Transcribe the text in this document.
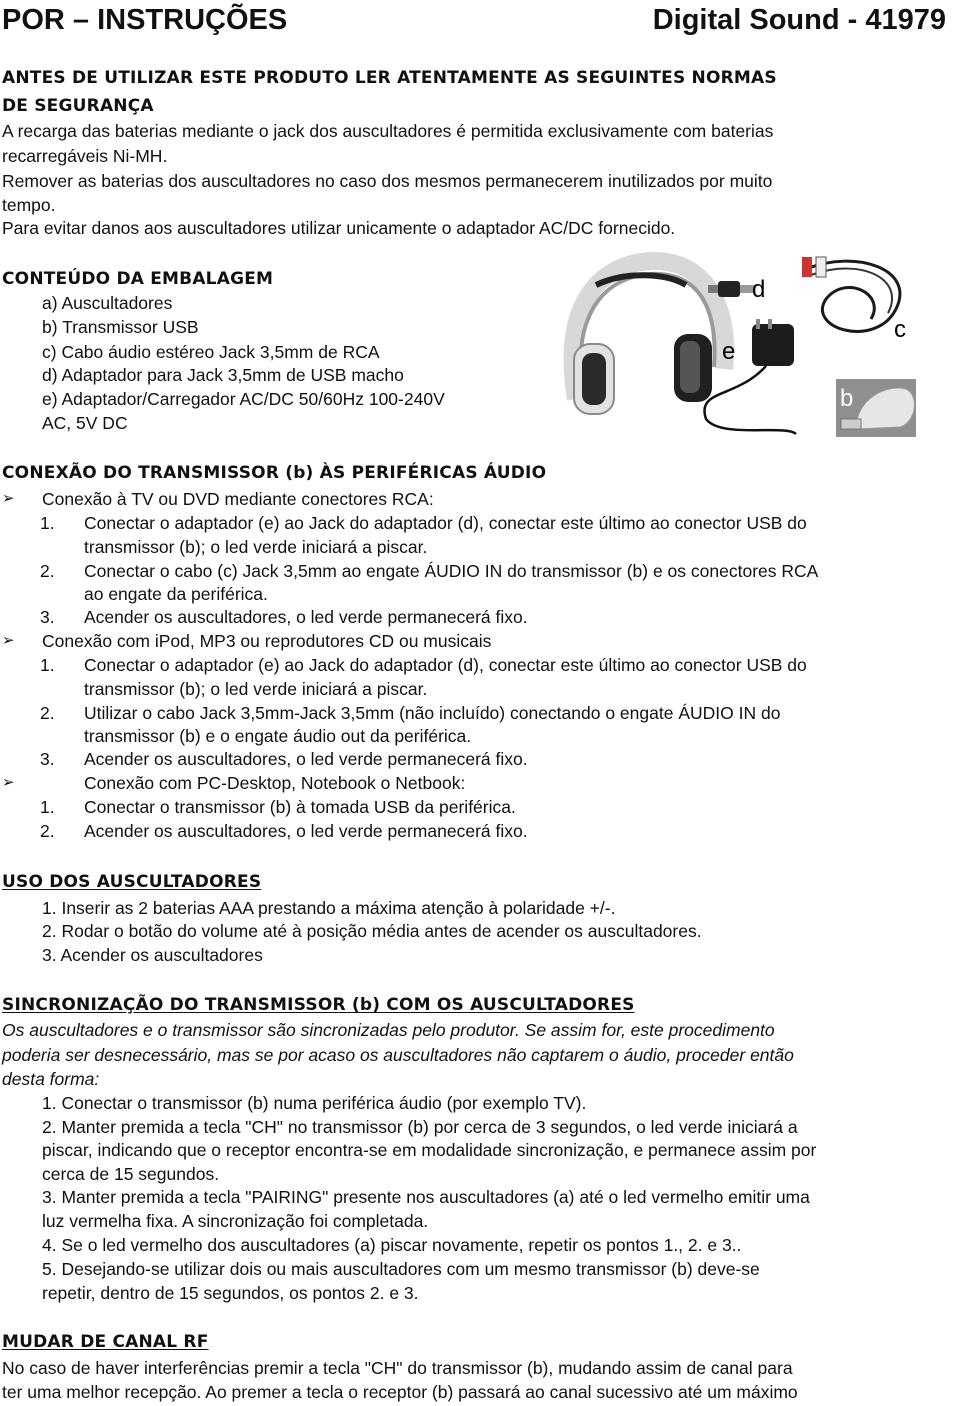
POR – INSTRUÇÕES	Digital Sound - 41979
ANTES DE UTILIZAR ESTE PRODUTO LER ATENTAMENTE AS SEGUINTES NORMAS
DE SEGURANÇA
A recarga das baterias mediante o jack dos auscultadores é permitida exclusivamente com baterias
recarregáveis Ni-MH.
Remover as baterias dos auscultadores no caso dos mesmos permanecerem inutilizados por muito
tempo.
Para evitar danos aos auscultadores utilizar unicamente o adaptador AC/DC fornecido.
CONTEÚDO DA EMBALAGEM
a) Auscultadores
b) Transmissor USB
c) Cabo áudio estéreo Jack 3,5mm de RCA
d) Adaptador para Jack 3,5mm de USB macho
e) Adaptador/Carregador AC/DC 50/60Hz 100-240V
AC, 5V DC
a
d
c
e
b
CONEXÃO DO TRANSMISSOR (b) ÀS PERIFÉRICAS ÁUDIO
➢ Conexão à TV ou DVD mediante conectores RCA:
1. Conectar o adaptador (e) ao Jack do adaptador (d), conectar este último ao conector USB do
transmissor (b); o led verde iniciará a piscar.
2. Conectar o cabo (c) Jack 3,5mm ao engate ÁUDIO IN do transmissor (b) e os conectores RCA
ao engate da periférica.
3. Acender os auscultadores, o led verde permanecerá fixo.
➢ Conexão com iPod, MP3 ou reprodutores CD ou musicais
1. Conectar o adaptador (e) ao Jack do adaptador (d), conectar este último ao conector USB do
transmissor (b); o led verde iniciará a piscar.
2. Utilizar o cabo Jack 3,5mm-Jack 3,5mm (não incluído) conectando o engate ÁUDIO IN do
transmissor (b) e o engate áudio out da periférica.
3. Acender os auscultadores, o led verde permanecerá fixo.
➢	Conexão com PC-Desktop, Notebook o Netbook:
1. Conectar o transmissor (b) à tomada USB da periférica.
2. Acender os auscultadores, o led verde permanecerá fixo.
USO DOS AUSCULTADORES
1. Inserir as 2 baterias AAA prestando a máxima atenção à polaridade +/-.
2. Rodar o botão do volume até à posição média antes de acender os auscultadores.
3. Acender os auscultadores
SINCRONIZAÇÃO DO TRANSMISSOR (b) COM OS AUSCULTADORES
Os auscultadores e o transmissor são sincronizadas pelo produtor. Se assim for, este procedimento
poderia ser desnecessário, mas se por acaso os auscultadores não captarem o áudio, proceder então
desta forma:
1. Conectar o transmissor (b) numa periférica áudio (por exemplo TV).
2. Manter premida a tecla "CH" no transmissor (b) por cerca de 3 segundos, o led verde iniciará a
piscar, indicando que o receptor encontra-se em modalidade sincronização, e permanece assim por
cerca de 15 segundos.
3. Manter premida a tecla "PAIRING" presente nos auscultadores (a) até o led vermelho emitir uma
luz vermelha fixa. A sincronização foi completada.
4. Se o led vermelho dos auscultadores (a) piscar novamente, repetir os pontos 1., 2. e 3..
5. Desejando-se utilizar dois ou mais auscultadores com um mesmo transmissor (b) deve-se
repetir, dentro de 15 segundos, os pontos 2. e 3.
MUDAR DE CANAL RF
No caso de haver interferências premir a tecla "CH" do transmissor (b), mudando assim de canal para
ter uma melhor recepção. Ao premer a tecla o receptor (b) passará ao canal sucessivo até um máximo
